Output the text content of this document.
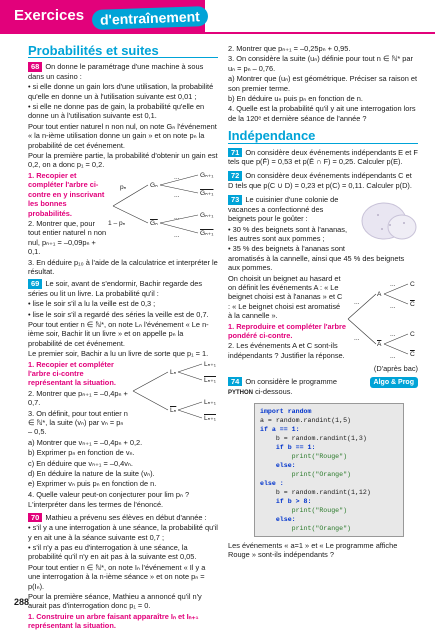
Exercices	d'entraînement
Probabilités et suites

68 On donne le paramétrage d'une machine à sous dans un casino :

• si elle donne un gain lors d'une utilisation, la probabilité qu'elle en donne un à l'utilisation suivante est 0,01 ;

• si elle ne donne pas de gain, la probabilité qu'elle en donne un à l'utilisation suivante est 0,1.

Pour tout entier naturel n non nul, on note Gₙ l'événement « la n-ième utilisation donne un gain » et on note pₙ la probabilité de cet événement.

Pour la première partie, la probabilité d'obtenir un gain est 0,2, on a donc p₁ = 0,2.

1. Recopier et compléter l'arbre ci-contre en y inscrivant les bonnes probabilités.

2. Montrer que, pour tout entier naturel n non nul, pₙ₊₁ = –0,09pₙ + 0,1.

pₙ
1 – pₙ
Gₙ
$\overline{G_n}$
Gₙ₊₁
Gₙ₊₁
Gₙ₊₁
Gₙ₊₁
...
...
...
...

3. En déduire p₁₀ à l'aide de la calculatrice et interpréter le résultat.

69 Le soir, avant de s'endormir, Bachir regarde des séries ou lit un livre. La probabilité qu'il :

• lise le soir s'il a lu la veille est de 0,3 ;

• lise le soir s'il a regardé des séries la veille est de 0,7.

Pour tout entier n ∈ ℕ*, on note Lₙ l'événement « Le n-ième soir, Bachir lit un livre » et on appelle pₙ la probabilité de cet événement.

Le premier soir, Bachir a lu un livre de sorte que p₁ = 1.

1. Recopier et compléter l'arbre ci-contre représentant la situation.

2. Montrer que pₙ₊₁ = –0,4pₙ + 0,7.

3. On définit, pour tout entier n ∈ ℕ*, la suite (vₙ) par vₙ = pₙ – 0,5.

Lₙ
$\overline{L_n}$
Lₙ₊₁
Lₙ₊₁
Lₙ₊₁
Lₙ₊₁

a) Montrer que vₙ₊₁ = –0,4pₙ + 0,2.

b) Exprimer pₙ en fonction de vₙ.

c) En déduire que vₙ₊₁ = –0,4vₙ.

d) En déduire la nature de la suite (vₙ).

e) Exprimer vₙ puis pₙ en fonction de n.

4. Quelle valeur peut-on conjecturer pour lim pₙ ?

L'interpréter dans les termes de l'énoncé.

70 Mathieu a prévenu ses élèves en début d'année :

• s'il y a une interrogation à une séance, la probabilité qu'il y en ait une à la séance suivante est 0,7 ;

• s'il n'y a pas eu d'interrogation à une séance, la probabilité qu'il n'y en ait pas à la suivante est 0,05.

Pour tout entier n ∈ ℕ*, on note Iₙ l'événement « Il y a une interrogation à la n-ième séance » et on note pₙ = p(Iₙ).

Pour la première séance, Mathieu a annoncé qu'il n'y aurait pas d'interrogation donc p₁ = 0.

1. Construire un arbre faisant apparaître Iₙ et Iₙ₊₁ représentant la situation.

288

2. Montrer que pₙ₊₁ = –0,25pₙ + 0,95.

3. On considère la suite (uₙ) définie pour tout n ∈ ℕ* par uₙ = pₙ – 0,76.

a) Montrer que (uₙ) est géométrique. Préciser sa raison et son premier terme.

b) En déduire uₙ puis pₙ en fonction de n.

4. Quelle est la probabilité qu'il y ait une interrogation lors de la 120ᵉ et dernière séance de l'année ?

Indépendance

71 On considère deux événements indépendants E et F tels que p(F̄) = 0,53 et p(Ē ∩ F) = 0,25. Calculer p(E).

72 On considère deux événements indépendants C et D tels que p(C ∪ D) = 0,23 et p(C) = 0,11. Calculer p(D).

73 Le cuisinier d'une colonie de vacances a confectionné des beignets pour le goûter :

• 30 % des beignets sont à l'ananas, les autres sont aux pommes ;

• 35 % des beignets à l'ananas sont aromatisés à la cannelle, ainsi que 45 % des beignets aux pommes.

On choisit un beignet au hasard et on définit les événements A : « Le beignet choisi est à l'ananas » et C : « Le beignet choisi est aromatisé à la cannelle ».

1. Reproduire et compléter l'arbre pondéré ci-contre.

2. Les événements A et C sont-ils indépendants ? Justifier la réponse.

A
$\overline{A}$
C
$\overline{C}$
C
$\overline{C}$
...
...
...
...
...
...

(D'après bac)

74 On considère le programme	Algo & Prog

PYTHON ci-dessous.

import random
a = random.randint(1,5)
if a == 1:
b = random.randint(1,3)
if b == 1:
print("Rouge")
else:
print("Orange")
else :
b = random.randint(1,12)
if b > 8:
print("Rouge")
else:
print("Orange")

Les événements « a=1 » et « Le programme affiche Rouge » sont-ils indépendants ?
